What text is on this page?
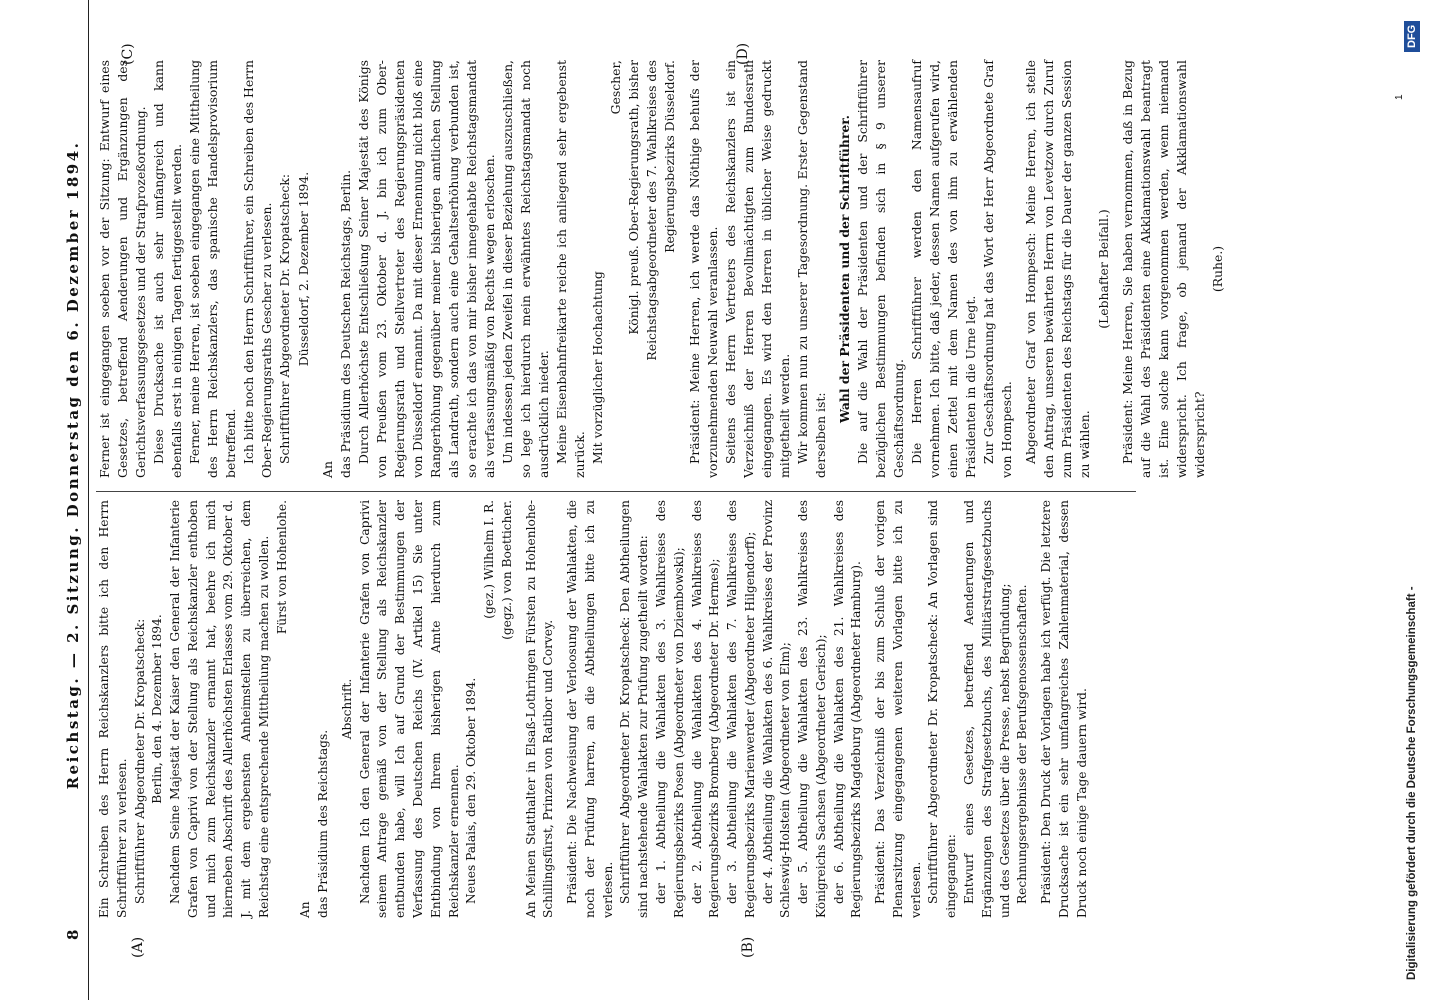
8
Reichstag. — 2. Sitzung. Donnerstag den 6. Dezember 1894.
(A)	(B)
(C)	(D)

Ein Schreiben des Herrn Reichskanzlers bitte ich den Herrn Schriftführer zu verlesen. Schriftführer Abgeordneter Dr. Kropatscheck: Berlin, den 4. Dezember 1894. Nachdem Seine Majestät der Kaiser den General der Infanterie Grafen von Caprivi von der Stellung als Reichskanzler enthoben und mich zum Reichskanzler ernannt hat, beehre ich mich hierneben Abschrift des Allerhöchsten Erlasses vom 29. Oktober d. J. mit dem ergebensten Anheimstellen zu überreichen, dem Reichstag eine entsprechende Mittheilung machen zu wollen. Fürst von Hohenlohe.

An das Präsidium des Reichstags.

Abschrift. Nachdem Ich den General der Infanterie Grafen von Caprivi seinem Antrage gemäß von der Stellung als Reichskanzler entbunden habe, will Ich auf Grund der Bestimmungen der Verfassung des Deutschen Reichs (IV. Artikel 15) Sie unter Entbindung von Ihrem bisherigen Amte hierdurch zum Reichskanzler ernennen. Neues Palais, den 29. Oktober 1894.

(gez.) Wilhelm I. R. (gegz.) von Boetticher. An Meinen Statthalter in Elsaß-Lothringen Fürsten zu Hohenlohe-Schillingsfürst, Prinzen von Ratibor und Corvey. Präsident: Die Nachweisung der Verloosung der Wahlakten, die noch der Prüfung harren, an die Abtheilungen bitte ich zu verlesen. Schriftführer Abgeordneter Dr. Kropatscheck: Den Abtheilungen sind nachstehende Wahlakten zur Prüfung zugetheilt worden: der 1. Abtheilung die Wahlakten des 3. Wahlkreises des Regierungsbezirks Posen (Abgeordneter von Dziembowski); der 2. Abtheilung die Wahlakten des 4. Wahlkreises des Regierungsbezirks Bromberg (Abgeordneter Dr. Hermes); der 3. Abtheilung die Wahlakten des 7. Wahlkreises des Regierungsbezirks Marienwerder (Abgeordneter Hilgendorff); der 4. Abtheilung die Wahlakten des 6. Wahlkreises der Provinz Schleswig-Holstein (Abgeordneter von Elm); der 5. Abtheilung die Wahlakten des 23. Wahlkreises des Königreichs Sachsen (Abgeordneter Gerisch); der 6. Abtheilung die Wahlakten des 21. Wahlkreises des Regierungsbezirks Magdeburg (Abgeordneter Hamburg). Präsident: Das Verzeichniß der bis zum Schluß der vorigen Plenarsitzung eingegangenen weiteren Vorlagen bitte ich zu verlesen. Schriftführer Abgeordneter Dr. Kropatscheck: An Vorlagen sind eingegangen: Entwurf eines Gesetzes, betreffend Aenderungen und Ergänzungen des Strafgesetzbuchs, des Militärstrafgesetzbuchs und des Gesetzes über die Presse, nebst Begründung; Rechnungsergebnisse der Berufsgenossenschaften. Präsident: Den Druck der Vorlagen habe ich verfügt. Die letztere Drucksache ist ein sehr umfangreiches Zahlenmaterial, dessen Druck noch einige Tage dauern wird.

Ferner ist eingegangen soeben vor der Sitzung: Entwurf eines Gesetzes, betreffend Aenderungen und Ergänzungen des Gerichtsverfassungsgesetzes und der Strafprozeßordnung. Diese Drucksache ist auch sehr umfangreich und kann ebenfalls erst in einigen Tagen fertiggestellt werden. Ferner, meine Herren, ist soeben eingegangen eine Mittheilung des Herrn Reichskanzlers, das spanische Handelsprovisorium betreffend. Ich bitte noch den Herrn Schriftführer, ein Schreiben des Herrn Ober-Regierungsraths Gescher zu verlesen. Schriftführer Abgeordneter Dr. Kropatscheck: Düsseldorf, 2. Dezember 1894.

An das Präsidium des Deutschen Reichstags, Berlin. Durch Allerhöchste Entschließung Seiner Majestät des Königs von Preußen vom 23. Oktober d. J. bin ich zum Ober-Regierungsrath und Stellvertreter des Regierungspräsidenten von Düsseldorf ernannt. Da mit dieser Ernennung nicht bloß eine Rangerhöhung gegenüber meiner bisherigen amtlichen Stellung als Landrath, sondern auch eine Gehaltserhöhung verbunden ist, so erachte ich das von mir bisher innegehabte Reichstagsmandat als verfassungsmäßig von Rechts wegen erloschen. Um indessen jeden Zweifel in dieser Beziehung auszuschließen, so lege ich hierdurch mein erwähntes Reichstagsmandat noch ausdrücklich nieder. Meine Eisenbahnfreikarte reiche ich anliegend sehr ergebenst zurück. Mit vorzüglicher Hochachtung

Gescher, Königl. preuß. Ober-Regierungsrath, bisher Reichstagsabgeordneter des 7. Wahlkreises des Regierungsbezirks Düsseldorf. Präsident: Meine Herren, ich werde das Nöthige behufs der vorzunehmenden Neuwahl veranlassen. Seitens des Herrn Vertreters des Reichskanzlers ist ein Verzeichniß der Herren Bevollmächtigten zum Bundesrath eingegangen. Es wird den Herren in üblicher Weise gedruckt mitgetheilt werden. Wir kommen nun zu unserer Tagesordnung. Erster Gegenstand derselben ist:

Wahl der Präsidenten und der Schriftführer. Die auf die Wahl der Präsidenten und der Schriftführer bezüglichen Bestimmungen befinden sich in § 9 unserer Geschäftsordnung. Die Herren Schriftführer werden den Namensaufruf vornehmen. Ich bitte, daß jeder, dessen Namen aufgerufen wird, einen Zettel mit dem Namen des von ihm zu erwählenden Präsidenten in die Urne legt. Zur Geschäftsordnung hat das Wort der Herr Abgeordnete Graf von Hompesch. Abgeordneter Graf von Hompesch: Meine Herren, ich stelle den Antrag, unseren bewährten Herrn von Levetzow durch Zuruf zum Präsidenten des Reichstags für die Dauer der ganzen Session zu wählen.

(Lebhafter Beifall.) Präsident: Meine Herren, Sie haben vernommen, daß in Bezug auf die Wahl des Präsidenten eine Akklamationswahl beantragt ist. Eine solche kann vorgenommen werden, wenn niemand widerspricht. Ich frage, ob jemand der Akklamationswahl widerspricht?

(Ruhe.)

Digitalisierung gefördert durch die Deutsche Forschungsgemeinschaft -
1
DFG
